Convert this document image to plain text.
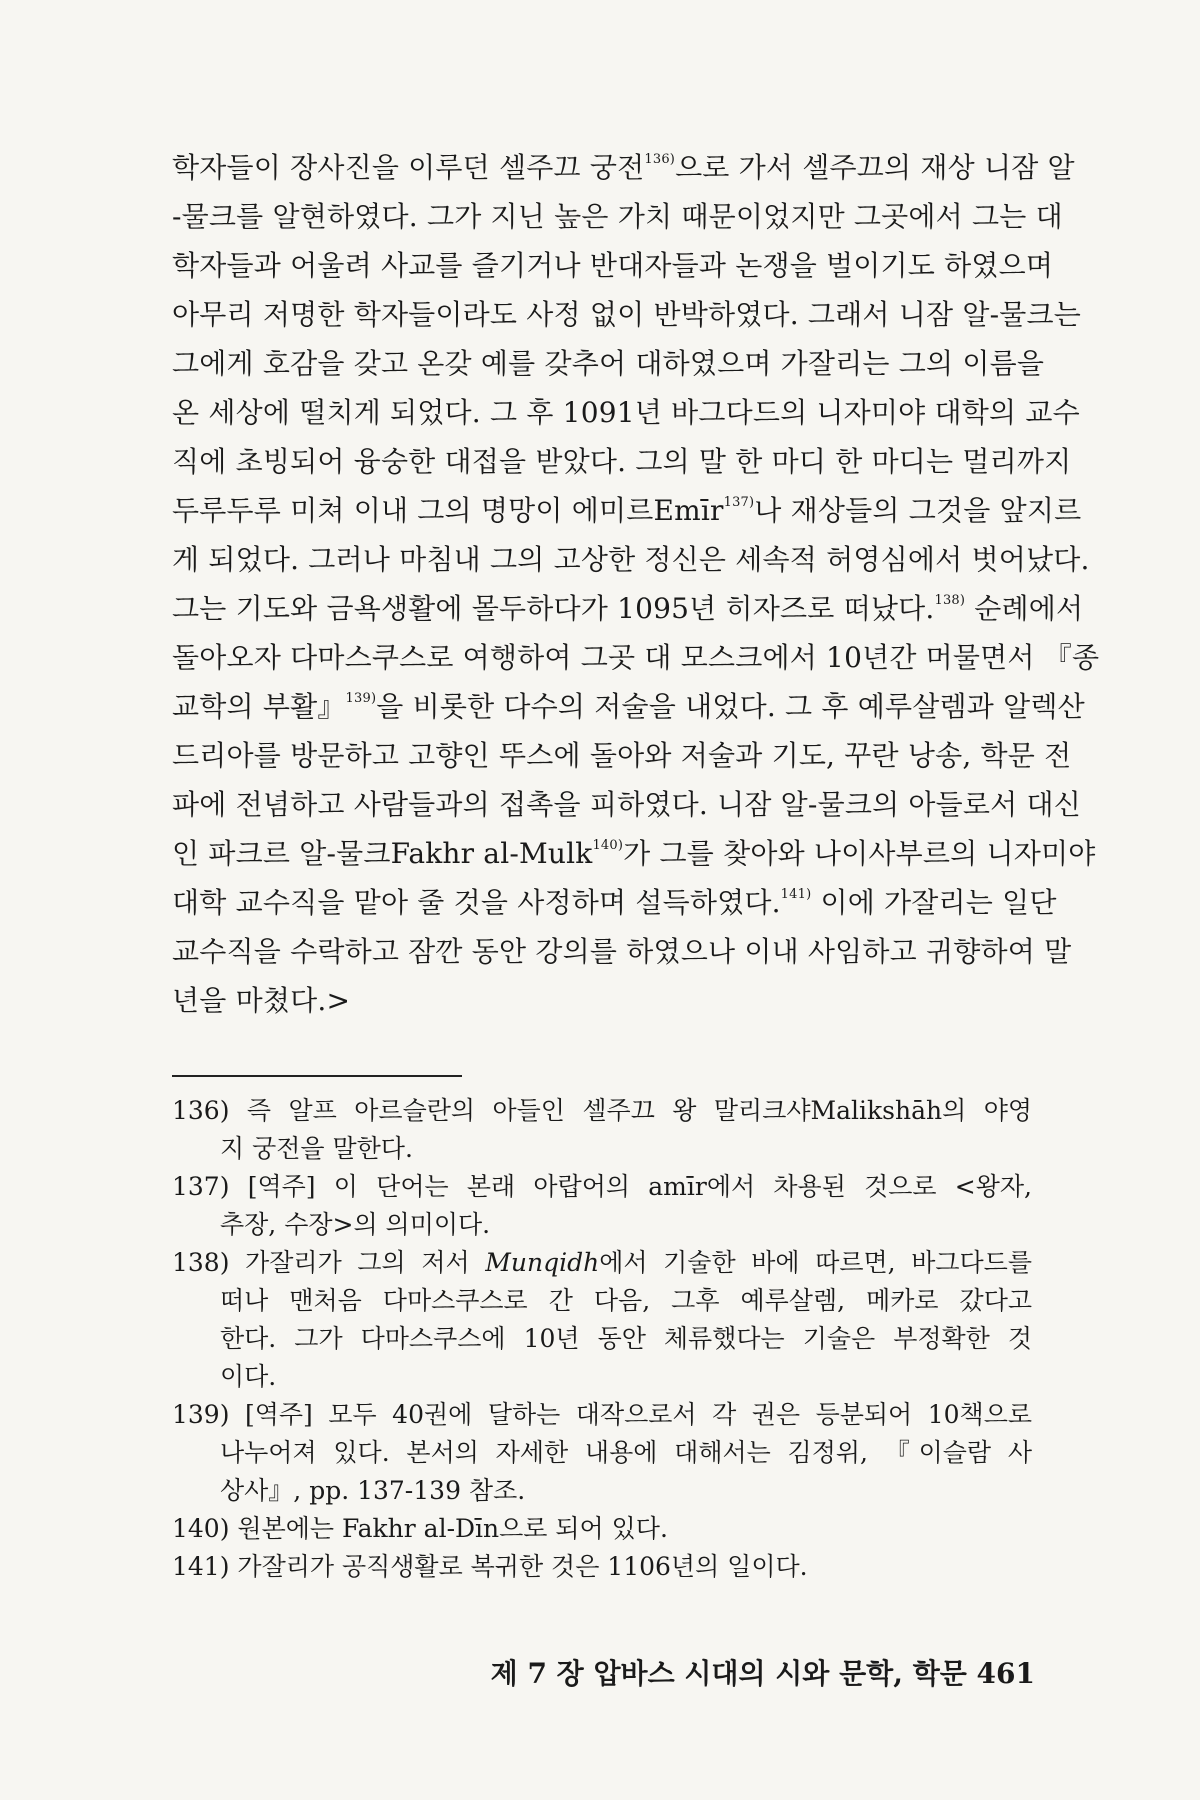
학자들이 장사진을 이루던 셀주끄 궁전$^{136)}$으로 가서 셀주끄의 재상 니잠 알
-물크를 알현하였다. 그가 지닌 높은 가치 때문이었지만 그곳에서 그는 대
학자들과 어울려 사교를 즐기거나 반대자들과 논쟁을 벌이기도 하였으며
아무리 저명한 학자들이라도 사정 없이 반박하였다. 그래서 니잠 알-물크는
그에게 호감을 갖고 온갖 예를 갖추어 대하였으며 가잘리는 그의 이름을
온 세상에 떨치게 되었다. 그 후 1091년 바그다드의 니자미야 대학의 교수
직에 초빙되어 융숭한 대접을 받았다. 그의 말 한 마디 한 마디는 멀리까지
두루두루 미쳐 이내 그의 명망이 에미르Emīr$^{137)}$나 재상들의 그것을 앞지르
게 되었다. 그러나 마침내 그의 고상한 정신은 세속적 허영심에서 벗어났다.
그는 기도와 금욕생활에 몰두하다가 1095년 히자즈로 떠났다.$^{138)}$ 순례에서
돌아오자 다마스쿠스로 여행하여 그곳 대 모스크에서 10년간 머물면서 『종
교학의 부활』$^{139)}$을 비롯한 다수의 저술을 내었다. 그 후 예루살렘과 알렉산
드리아를 방문하고 고향인 뚜스에 돌아와 저술과 기도, 꾸란 낭송, 학문 전
파에 전념하고 사람들과의 접촉을 피하였다. 니잠 알-물크의 아들로서 대신
인 파크르 알-물크Fakhr al-Mulk$^{140)}$가 그를 찾아와 나이사부르의 니자미야
대학 교수직을 맡아 줄 것을 사정하며 설득하였다.$^{141)}$ 이에 가잘리는 일단
교수직을 수락하고 잠깐 동안 강의를 하였으나 이내 사임하고 귀향하여 말
년을 마쳤다.>
136) 즉 알프 아르슬란의 아들인 셀주끄 왕 말리크샤Malikshāh의 야영
지 궁전을 말한다.
137) [역주] 이 단어는 본래 아랍어의 amīr에서 차용된 것으로 <왕자,
추장, 수장>의 의미이다.
138) 가잘리가 그의 저서 Munqidh에서 기술한 바에 따르면, 바그다드를
떠나 맨처음 다마스쿠스로 간 다음, 그후 예루살렘, 메카로 갔다고
한다. 그가 다마스쿠스에 10년 동안 체류했다는 기술은 부정확한 것
이다.
139) [역주] 모두 40권에 달하는 대작으로서 각 권은 등분되어 10책으로
나누어져 있다. 본서의 자세한 내용에 대해서는 김정위, 『이슬람 사
상사』, pp. 137-139 참조.
140) 원본에는 Fakhr al-Dīn으로 되어 있다.
141) 가잘리가 공직생활로 복귀한 것은 1106년의 일이다.
제 7 장 압바스 시대의 시와 문학, 학문 461
